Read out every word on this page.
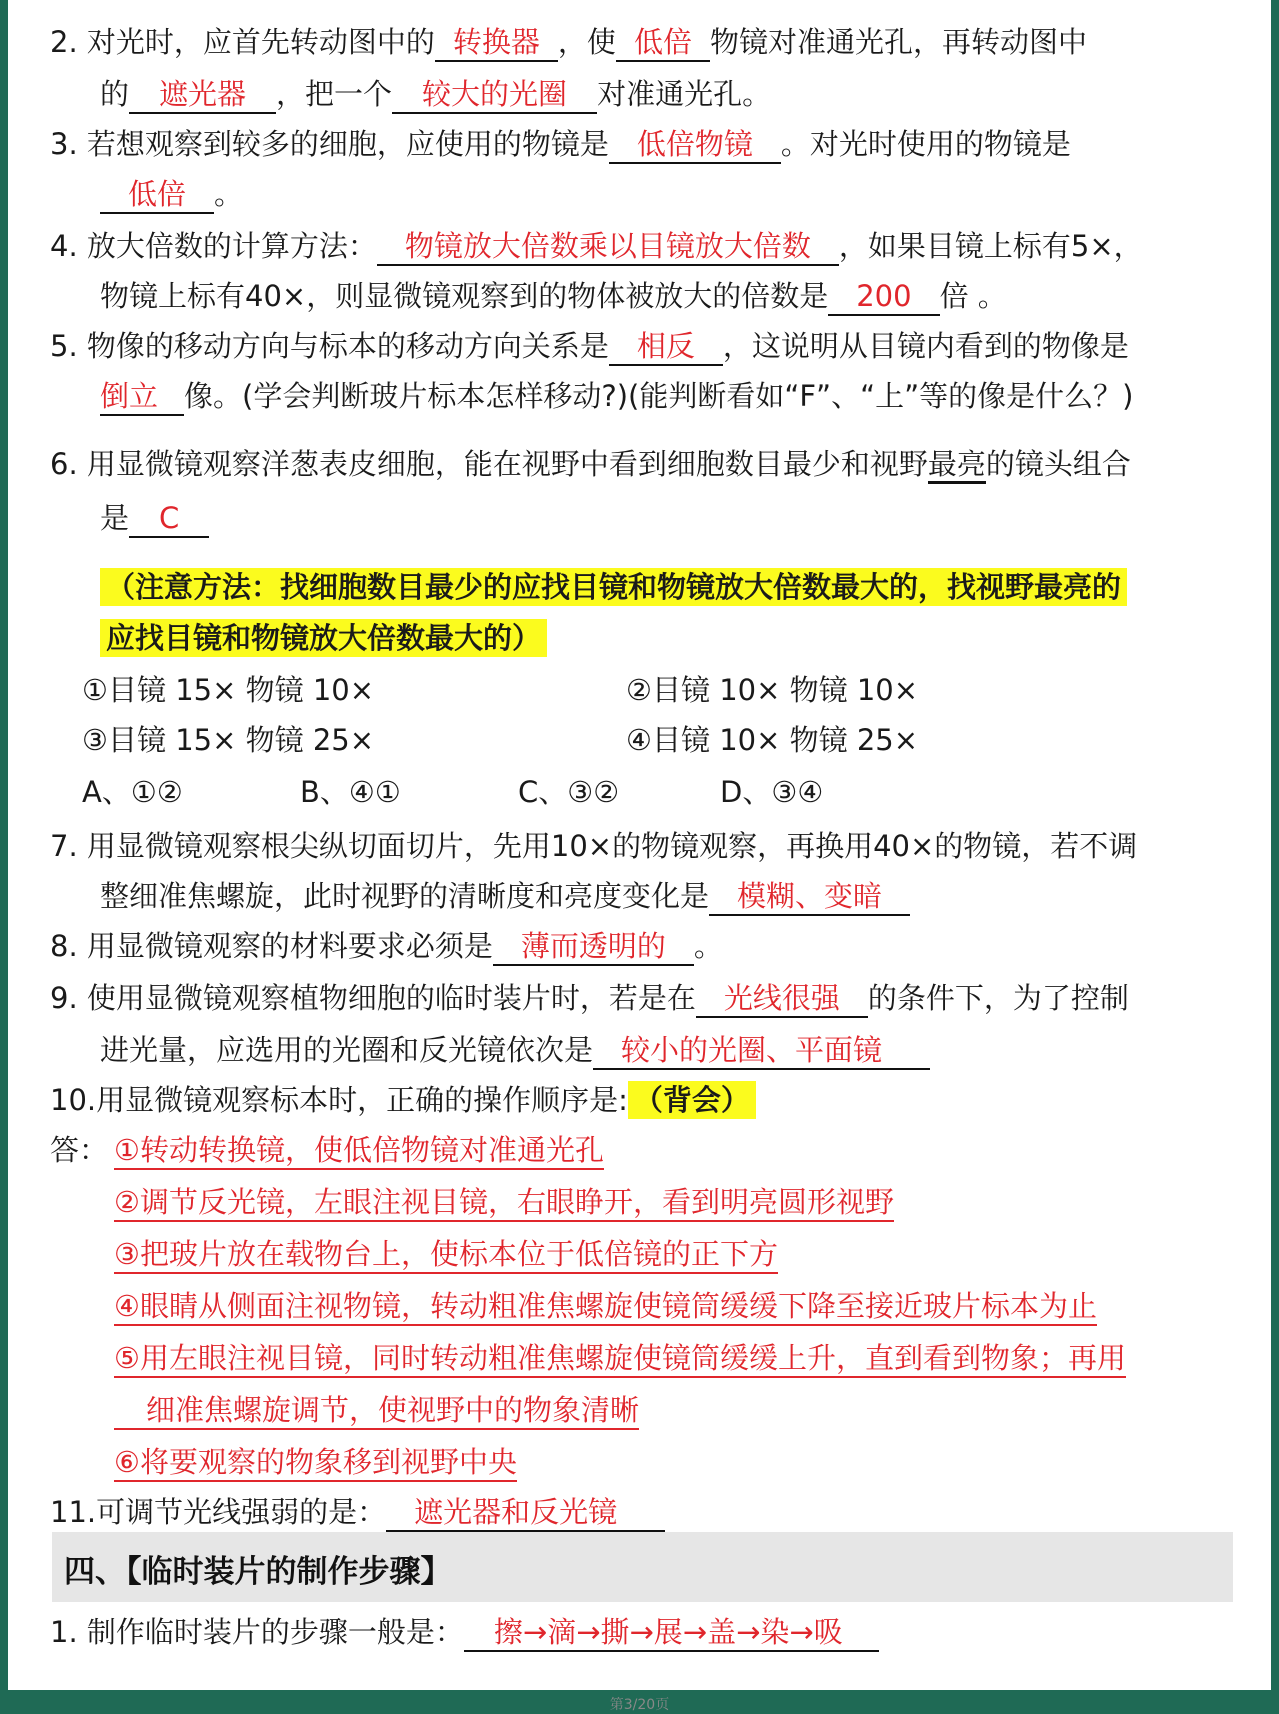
2. 对光时，应首先转动图中的 转换器 ，使 低倍 物镜对准通光孔，再转动图中
的 遮光器 ，把一个 较大的光圈 对准通光孔。
3. 若想观察到较多的细胞，应使用的物镜是 低倍物镜 。对光时使用的物镜是
低倍 。
4. 放大倍数的计算方法： 物镜放大倍数乘以目镜放大倍数 ，如果目镜上标有5×，
物镜上标有40×，则显微镜观察到的物体被放大的倍数是 200 倍 。
5. 物像的移动方向与标本的移动方向关系是 相反 ，这说明从目镜内看到的物像是
倒立 像。(学会判断玻片标本怎样移动?)(能判断看如“F”、“上”等的像是什么？)
6. 用显微镜观察洋葱表皮细胞，能在视野中看到细胞数目最少和视野最亮的镜头组合
是 C
（注意方法：找细胞数目最少的应找目镜和物镜放大倍数最大的，找视野最亮的
应找目镜和物镜放大倍数最大的）
①目镜 15× 物镜 10×	②目镜 10× 物镜 10×
③目镜 15× 物镜 25×	④目镜 10× 物镜 25×
A、①②	B、④①	C、③②	D、③④
7. 用显微镜观察根尖纵切面切片，先用10×的物镜观察，再换用40×的物镜，若不调
整细准焦螺旋，此时视野的清晰度和亮度变化是 模糊、变暗
8. 用显微镜观察的材料要求必须是 薄而透明的 。
9. 使用显微镜观察植物细胞的临时装片时，若是在 光线很强 的条件下，为了控制
进光量，应选用的光圈和反光镜依次是 较小的光圈、平面镜
10.用显微镜观察标本时，正确的操作顺序是: （背会）
答： ①转动转换镜，使低倍物镜对准通光孔
②调节反光镜，左眼注视目镜，右眼睁开，看到明亮圆形视野
③把玻片放在载物台上，使标本位于低倍镜的正下方
④眼睛从侧面注视物镜，转动粗准焦螺旋使镜筒缓缓下降至接近玻片标本为止
⑤用左眼注视目镜，同时转动粗准焦螺旋使镜筒缓缓上升，直到看到物象；再用
细准焦螺旋调节，使视野中的物象清晰
⑥将要观察的物象移到视野中央
11.可调节光线强弱的是： 遮光器和反光镜
四、【临时装片的制作步骤】
1. 制作临时装片的步骤一般是： 擦→滴→撕→展→盖→染→吸
第3/20页
